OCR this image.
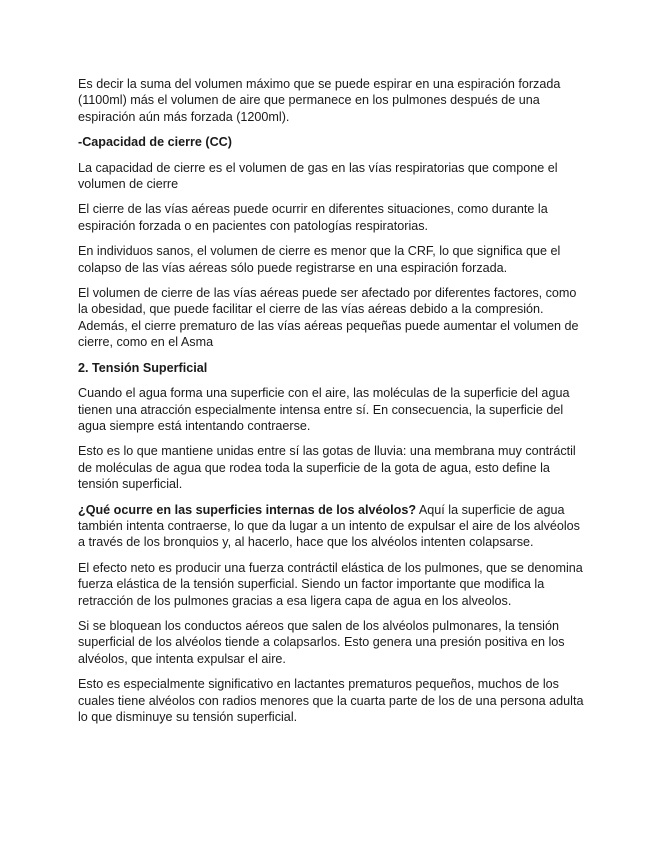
Es decir la suma del volumen máximo que se puede espirar en una espiración forzada (1100ml) más el volumen de aire que permanece en los pulmones después de una espiración aún más forzada (1200ml).

-Capacidad de cierre (CC)

La capacidad de cierre es el volumen de gas en las vías respiratorias que compone el volumen de cierre

El cierre de las vías aéreas puede ocurrir en diferentes situaciones, como durante la espiración forzada o en pacientes con patologías respiratorias.

En individuos sanos, el volumen de cierre es menor que la CRF, lo que significa que el colapso de las vías aéreas sólo puede registrarse en una espiración forzada.

El volumen de cierre de las vías aéreas puede ser afectado por diferentes factores, como la obesidad, que puede facilitar el cierre de las vías aéreas debido a la compresión. Además, el cierre prematuro de las vías aéreas pequeñas puede aumentar el volumen de cierre, como en el Asma

2. Tensión Superficial

Cuando el agua forma una superficie con el aire, las moléculas de la superficie del agua tienen una atracción especialmente intensa entre sí. En consecuencia, la superficie del agua siempre está intentando contraerse.

Esto es lo que mantiene unidas entre sí las gotas de lluvia: una membrana muy contráctil de moléculas de agua que rodea toda la superficie de la gota de agua, esto define la tensión superficial.

¿Qué ocurre en las superficies internas de los alvéolos? Aquí la superficie de agua también intenta contraerse, lo que da lugar a un intento de expulsar el aire de los alvéolos a través de los bronquios y, al hacerlo, hace que los alvéolos intenten colapsarse.

El efecto neto es producir una fuerza contráctil elástica de los pulmones, que se denomina fuerza elástica de la tensión superficial. Siendo un factor importante que modifica la retracción de los pulmones gracias a esa ligera capa de agua en los alveolos.

Si se bloquean los conductos aéreos que salen de los alvéolos pulmonares, la tensión superficial de los alvéolos tiende a colapsarlos. Esto genera una presión positiva en los alvéolos, que intenta expulsar el aire.

Esto es especialmente significativo en lactantes prematuros pequeños, muchos de los cuales tiene alvéolos con radios menores que la cuarta parte de los de una persona adulta lo que disminuye su tensión superficial.
